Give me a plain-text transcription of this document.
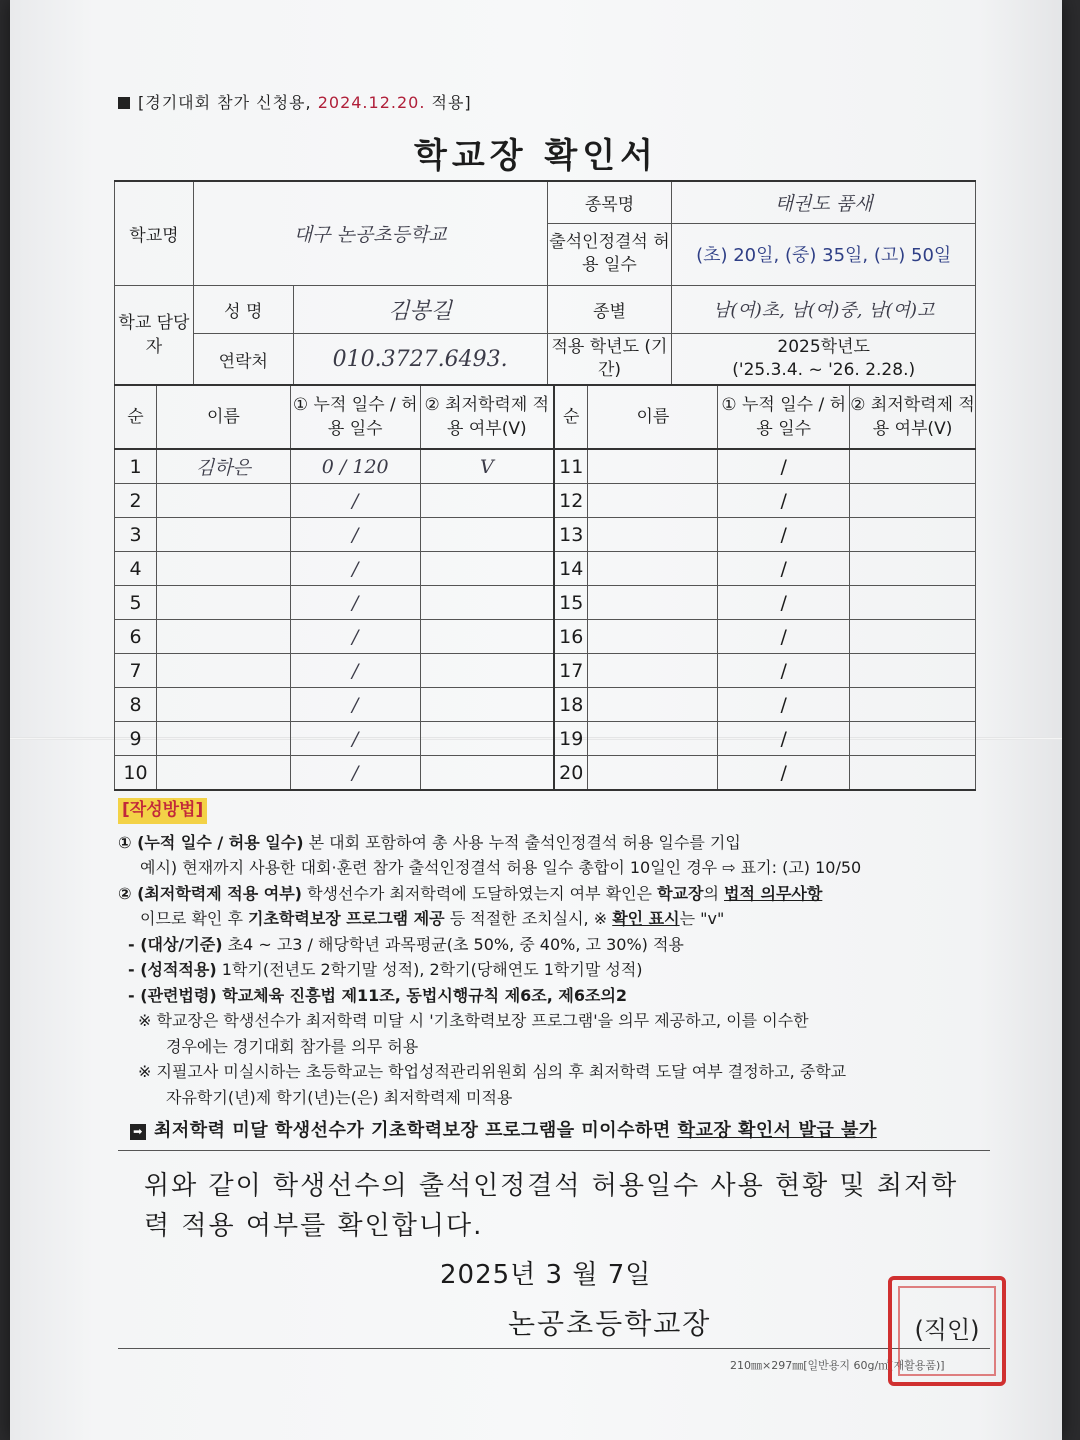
[경기대회 참가 신청용, 2024.12.20. 적용]
학교장 확인서
학교명	대구 논공초등학교		종목명	태권도 품새
			출석인정결석 허용 일수	(초) 20일, (중) 35일, (고) 50일
학교 담당자	성 명	김봉길	종별	남(여)초, 남(여)중, 남(여)고
	연락처	010.3727.6493.	적용 학년도 (기간)	2025학년도
('25.3.4. ~ '26. 2.28.)
순	이름	① 누적 일수 / 허용 일수	② 최저학력제 적용 여부(V)	순	이름	① 누적 일수 / 허용 일수	② 최저학력제 적용 여부(V)
1	김하은	0 / 120	V	11		/	
2		/		12		/	
3		/		13		/	
4		/		14		/	
5		/		15		/	
6		/		16		/	
7		/		17		/	
8		/		18		/	
9		/		19		/	
10		/		20		/	
[작성방법]

① (누적 일수 / 허용 일수) 본 대회 포함하여 총 사용 누적 출석인정결석 허용 일수를 기입

예시) 현재까지 사용한 대회·훈련 참가 출석인정결석 허용 일수 총합이 10일인 경우 ⇨ 표기: (고) 10/50

② (최저학력제 적용 여부) 학생선수가 최저학력에 도달하였는지 여부 확인은 학교장의 법적 의무사항

이므로 확인 후 기초학력보장 프로그램 제공 등 적절한 조치실시, ※ 확인 표시는 "v"

- (대상/기준) 초4 ~ 고3 / 해당학년 과목평균(초 50%, 중 40%, 고 30%) 적용

- (성적적용) 1학기(전년도 2학기말 성적), 2학기(당해연도 1학기말 성적)

- (관련법령) 학교체육 진흥법 제11조, 동법시행규칙 제6조, 제6조의2

※ 학교장은 학생선수가 최저학력 미달 시 '기초학력보장 프로그램'을 의무 제공하고, 이를 이수한

경우에는 경기대회 참가를 의무 허용

※ 지필고사 미실시하는 초등학교는 학업성적관리위원회 심의 후 최저학력 도달 여부 결정하고, 중학교

자유학기(년)제 학기(년)는(은) 최저학력제 미적용

➡ 최저학력 미달 학생선수가 기초학력보장 프로그램을 미이수하면 학교장 확인서 발급 불가
위와 같이 학생선수의 출석인정결석 허용일수 사용 현황 및 최저학력 적용 여부를 확인합니다.
2025년 3 월 7일
논공초등학교장
210㎜×297㎜[일반용지 60g/㎡(재활용품)]
(직인)
